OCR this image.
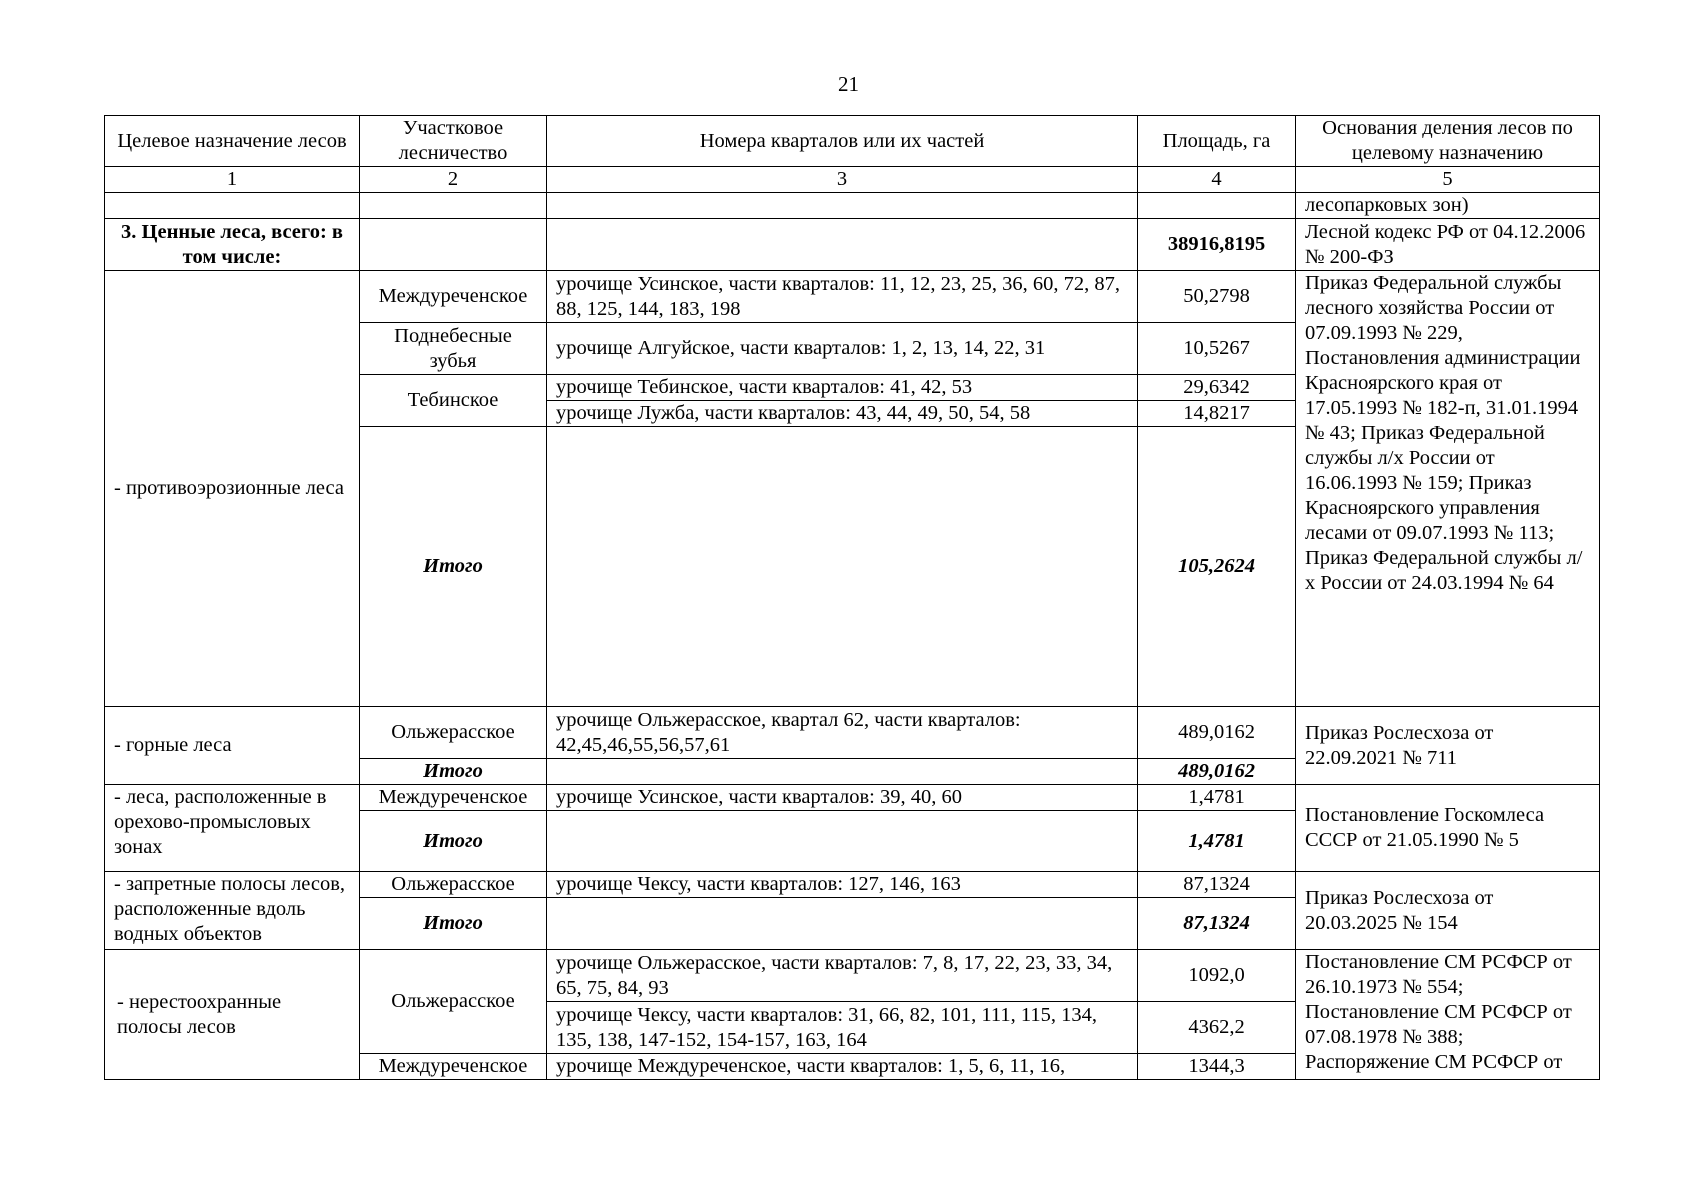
21
Целевое назначение лесов	Участковое лесничество	Номера кварталов или их частей	Площадь, га	Основания деления лесов по целевому назначению
1	2	3	4	5
				лесопарковых зон)
3. Ценные леса, всего: в том числе:			38916,8195	Лесной кодекс РФ от 04.12.2006 № 200-ФЗ
- противоэрозионные леса	Междуреченское	урочище Усинское, части кварталов: 11, 12, 23, 25, 36, 60, 72, 87, 88, 125, 144, 183, 198	50,2798	Приказ Федеральной службы лесного хозяйства России от 07.09.1993 № 229, Постановления администрации Красноярского края от 17.05.1993 № 182-п, 31.01.1994 № 43; Приказ Федеральной службы л/х России от 16.06.1993 № 159; Приказ Красноярского управления лесами от 09.07.1993 № 113; Приказ Федеральной службы л/х России от 24.03.1994 № 64
	Поднебесные зубья	урочище Алгуйское, части кварталов: 1, 2, 13, 14, 22, 31	10,5267	
	Тебинское	урочище Тебинское, части кварталов: 41, 42, 53	29,6342	
		урочище Лужба, части кварталов: 43, 44, 49, 50, 54, 58	14,8217	
	Итого		105,2624	
- горные леса	Ольжерасское	урочище Ольжерасское, квартал 62, части кварталов: 42,45,46,55,56,57,61	489,0162	Приказ Рослесхоза от 22.09.2021 № 711
	Итого		489,0162	
- леса, расположенные в орехово-промысловых зонах	Междуреченское	урочище Усинское, части кварталов: 39, 40, 60	1,4781	Постановление Госкомлеса СССР от 21.05.1990 № 5
	Итого		1,4781	
- запретные полосы лесов, расположенные вдоль водных объектов	Ольжерасское	урочище Чексу, части кварталов: 127, 146, 163	87,1324	Приказ Рослесхоза от 20.03.2025 № 154
	Итого		87,1324	
- нерестоохранные полосы лесов	Ольжерасское	урочище Ольжерасское, части кварталов: 7, 8, 17, 22, 23, 33, 34, 65, 75, 84, 93	1092,0	Постановление СМ РСФСР от 26.10.1973 № 554; Постановление СМ РСФСР от 07.08.1978 № 388; Распоряжение СМ РСФСР от
		урочище Чексу, части кварталов: 31, 66, 82, 101, 111, 115, 134, 135, 138, 147-152, 154-157, 163, 164	4362,2	
	Междуреченское	урочище Междуреченское, части кварталов: 1, 5, 6, 11, 16,	1344,3	
